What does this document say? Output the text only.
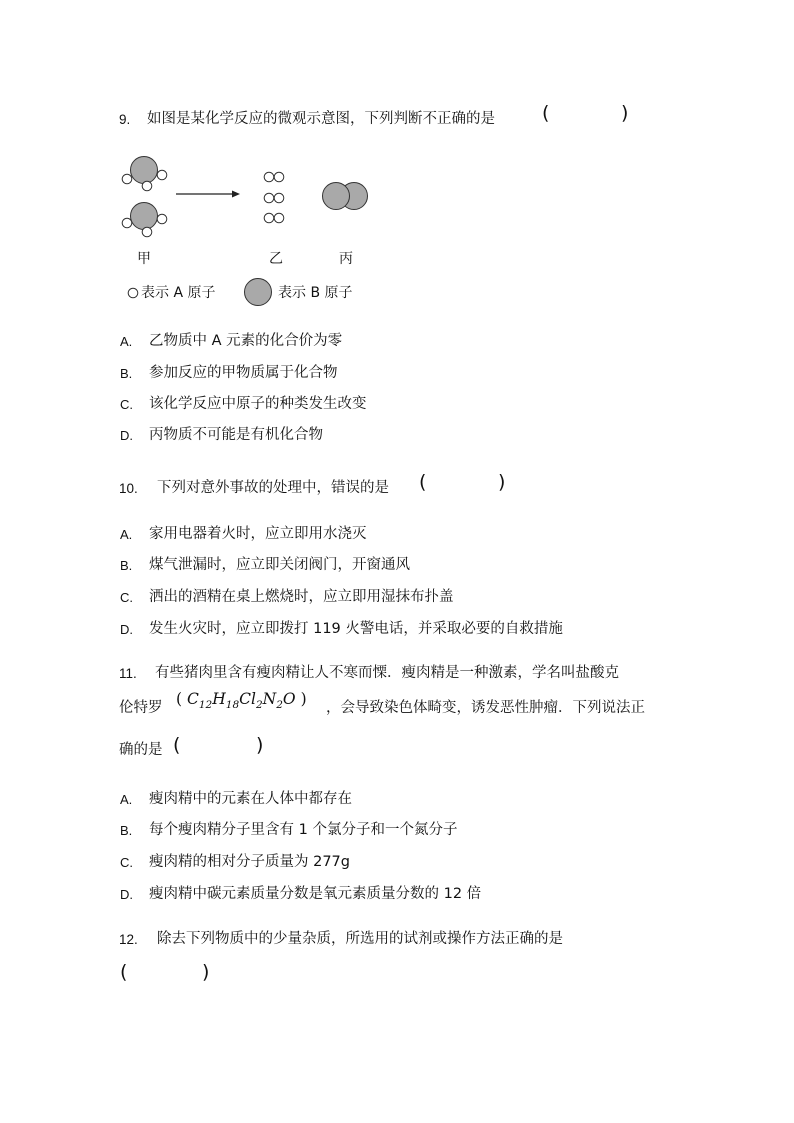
9. 如图是某化学反应的微观示意图，下列判断不正确的是 (	)
甲	乙	丙
表示 A 原子	表示 B 原子
A. 乙物质中 A 元素的化合价为零
B. 参加反应的甲物质属于化合物
C. 该化学反应中原子的种类发生改变
D. 丙物质不可能是有机化合物
10. 下列对意外事故的处理中，错误的是 (	)
A. 家用电器着火时，应立即用水浇灭
B. 煤气泄漏时，应立即关闭阀门，开窗通风
C. 洒出的酒精在桌上燃烧时，应立即用湿抹布扑盖
D. 发生火灾时，应立即拨打 119 火警电话，并采取必要的自救措施
11. 有些猪肉里含有瘦肉精让人不寒而慄．瘦肉精是一种激素，学名叫盐酸克
伦特罗 ( $C_{12}H_{18}Cl_2N_2O$ ) ，会导致染色体畸变，诱发恶性肿瘤．下列说法正
确的是 (	)
A. 瘦肉精中的元素在人体中都存在
B. 每个瘦肉精分子里含有 1 个氯分子和一个氮分子
C. 瘦肉精的相对分子质量为 277g
D. 瘦肉精中碳元素质量分数是氧元素质量分数的 12 倍
12. 除去下列物质中的少量杂质，所选用的试剂或操作方法正确的是
(	)
